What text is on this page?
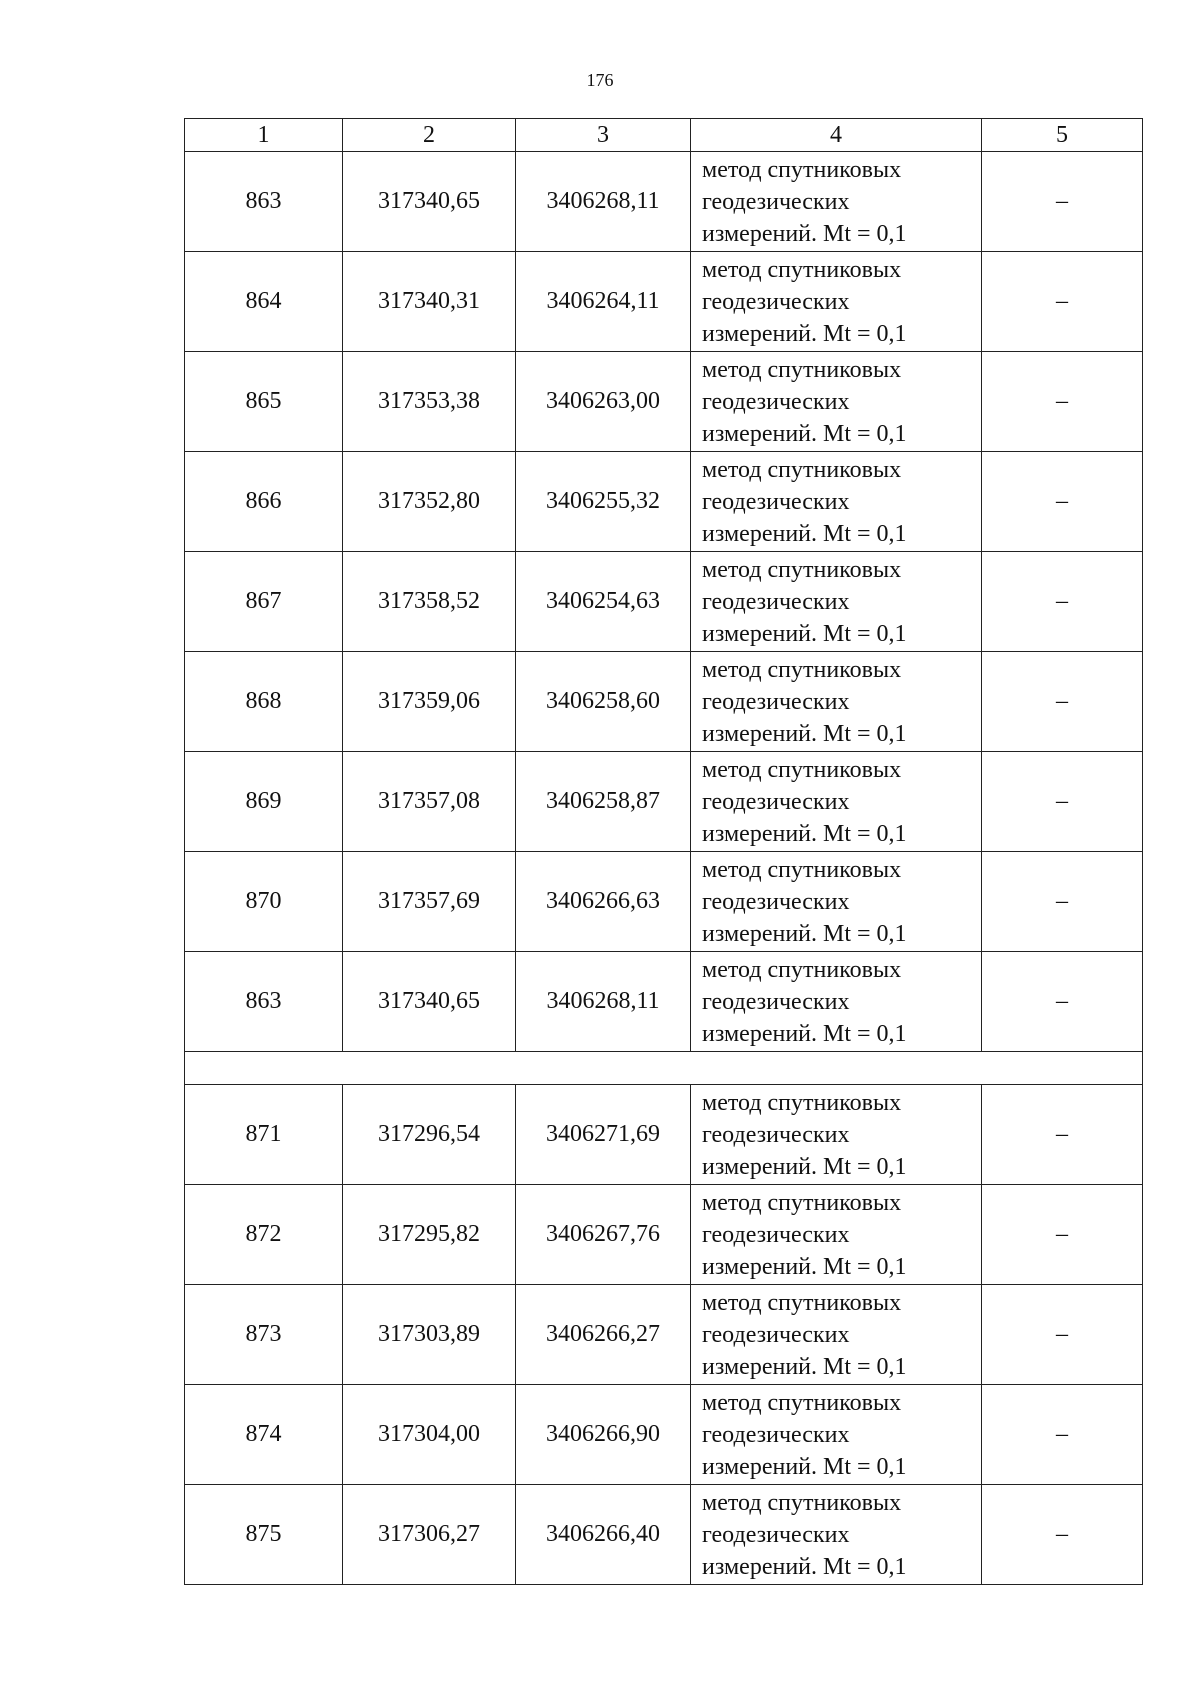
176
1	2	3	4	5
863	317340,65	3406268,11	метод спутниковых
геодезических
измерений. Mt = 0,1	–
864	317340,31	3406264,11	метод спутниковых
геодезических
измерений. Mt = 0,1	–
865	317353,38	3406263,00	метод спутниковых
геодезических
измерений. Mt = 0,1	–
866	317352,80	3406255,32	метод спутниковых
геодезических
измерений. Mt = 0,1	–
867	317358,52	3406254,63	метод спутниковых
геодезических
измерений. Mt = 0,1	–
868	317359,06	3406258,60	метод спутниковых
геодезических
измерений. Mt = 0,1	–
869	317357,08	3406258,87	метод спутниковых
геодезических
измерений. Mt = 0,1	–
870	317357,69	3406266,63	метод спутниковых
геодезических
измерений. Mt = 0,1	–
863	317340,65	3406268,11	метод спутниковых
геодезических
измерений. Mt = 0,1	–

871	317296,54	3406271,69	метод спутниковых
геодезических
измерений. Mt = 0,1	–
872	317295,82	3406267,76	метод спутниковых
геодезических
измерений. Mt = 0,1	–
873	317303,89	3406266,27	метод спутниковых
геодезических
измерений. Mt = 0,1	–
874	317304,00	3406266,90	метод спутниковых
геодезических
измерений. Mt = 0,1	–
875	317306,27	3406266,40	метод спутниковых
геодезических
измерений. Mt = 0,1	–
